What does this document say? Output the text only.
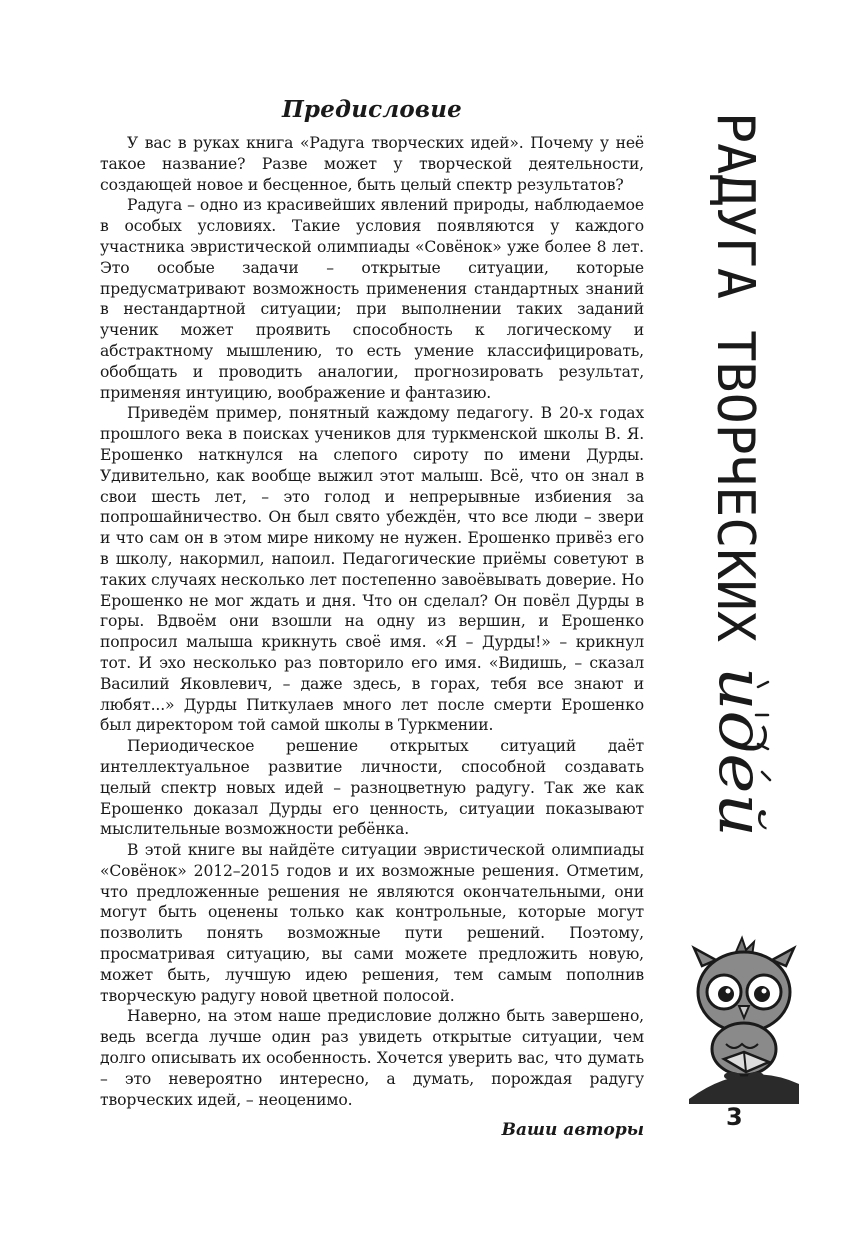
Предисловие

У вас в руках книга «Радуга творческих идей». Почему у неё такое название? Разве может у творческой деятельности, создающей новое и бесценное, быть целый спектр результатов?

Радуга – одно из красивейших явлений природы, наблюдаемое в особых условиях. Такие условия появляются у каждого участника эвристической олимпиады «Совёнок» уже более 8 лет. Это особые задачи – открытые ситуации, которые предусматривают возможность применения стандартных знаний в нестандартной ситуации; при выполнении таких заданий ученик может проявить способность к логическому и абстрактному мышлению, то есть умение классифицировать, обобщать и проводить аналогии, прогнозировать результат, применяя интуицию, воображение и фантазию.

Приведём пример, понятный каждому педагогу. В 20-х годах прошлого века в поисках учеников для туркменской школы В. Я. Ерошенко наткнулся на слепого сироту по имени Дурды. Удивительно, как вообще выжил этот малыш. Всё, что он знал в свои шесть лет, – это голод и непрерывные избиения за попрошайничество. Он был свято убеждён, что все люди – звери и что сам он в этом мире никому не нужен. Ерошенко привёз его в школу, накормил, напоил. Педагогические приёмы советуют в таких случаях несколько лет постепенно завоёвывать доверие. Но Ерошенко не мог ждать и дня. Что он сделал? Он повёл Дурды в горы. Вдвоём они взошли на одну из вершин, и Ерошенко попросил малыша крикнуть своё имя. «Я – Дурды!» – крикнул тот. И эхо несколько раз повторило его имя. «Видишь, – сказал Василий Яковлевич, – даже здесь, в горах, тебя все знают и любят...» Дурды Питкулаев много лет после смерти Ерошенко был директором той самой школы в Туркмении.

Периодическое решение открытых ситуаций даёт интеллектуальное развитие личности, способной создавать целый спектр новых идей – разноцветную радугу. Так же как Ерошенко доказал Дурды его ценность, ситуации показывают мыслительные возможности ребёнка.

В этой книге вы найдёте ситуации эвристической олимпиады «Совёнок» 2012–2015 годов и их возможные решения. Отметим, что предложенные решения не являются окончательными, они могут быть оценены только как контрольные, которые могут позволить понять возможные пути решений. Поэтому, просматривая ситуацию, вы сами можете предложить новую, может быть, лучшую идею решения, тем самым пополнив творческую радугу новой цветной полосой.

Наверно, на этом наше предисловие должно быть завершено, ведь всегда лучше один раз увидеть открытые ситуации, чем долго описывать их особенность. Хочется уверить вас, что думать – это невероятно интересно, а думать, порождая радугу творческих идей, – неоценимо.

Ваши авторы
РАДУГА ТВОРЧЕСКИХ
идей
3
